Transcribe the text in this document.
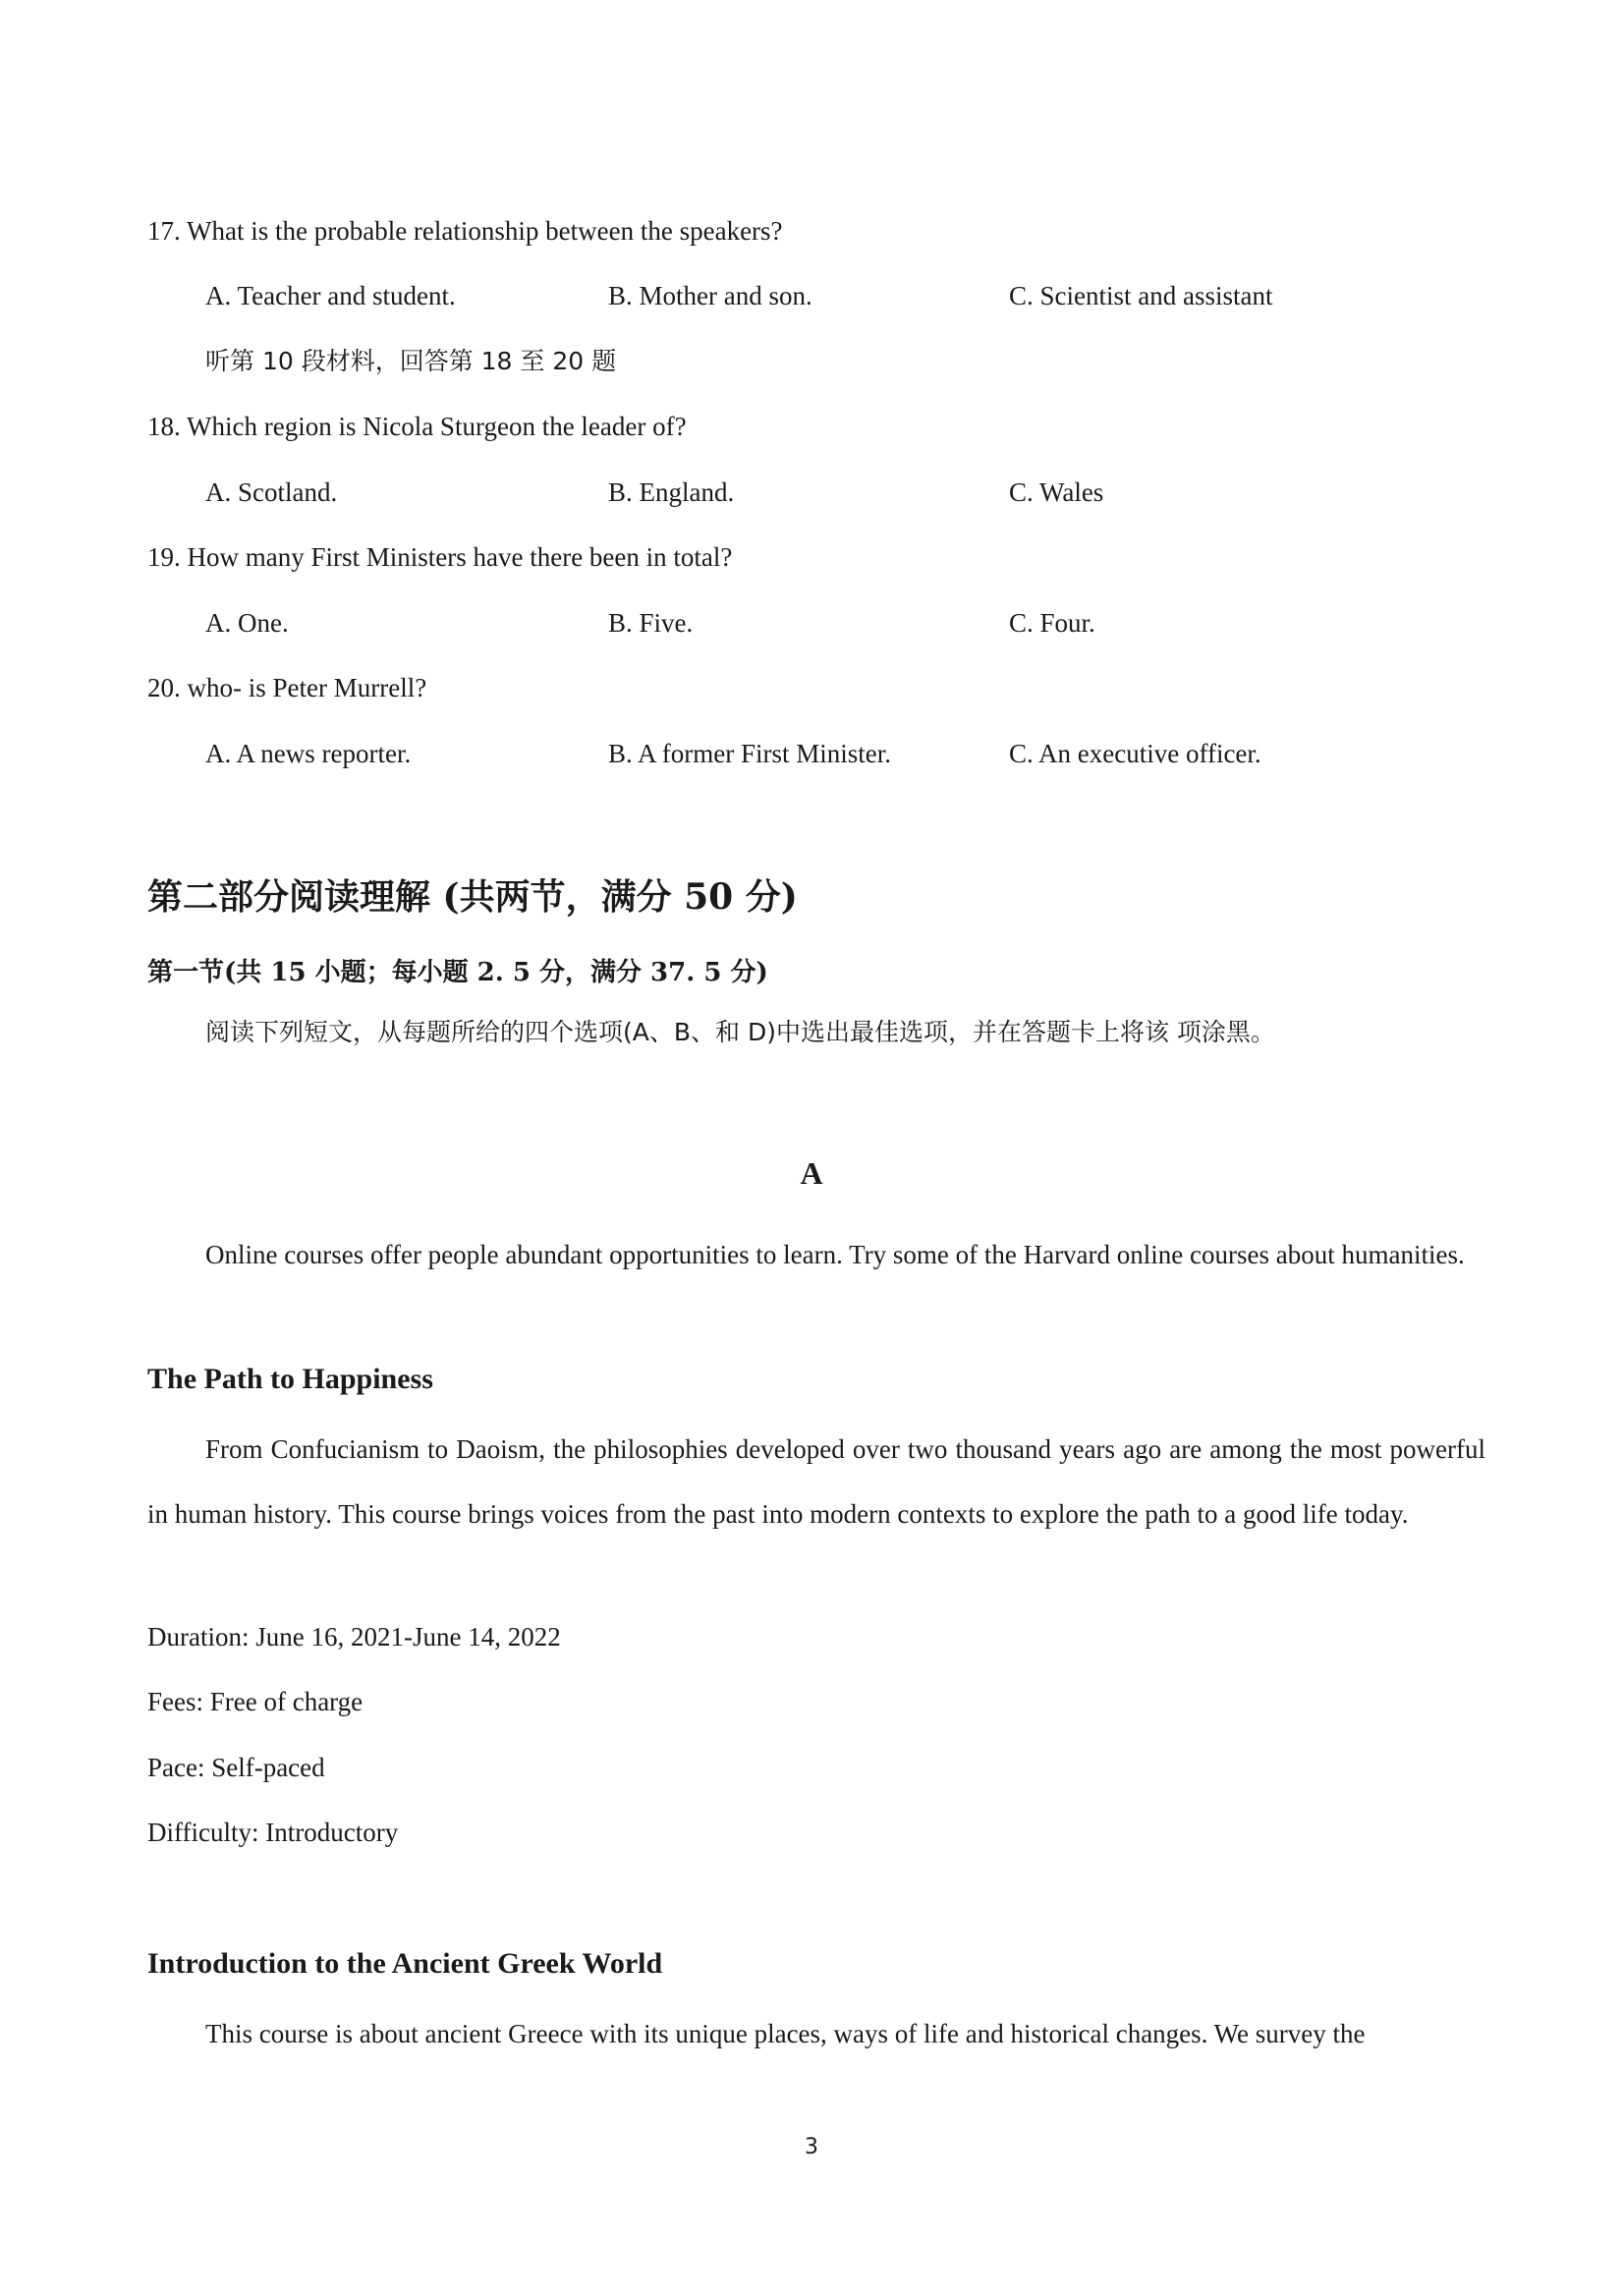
17. What is the probable relationship between the speakers?
A. Teacher and student.	B. Mother and son.	C. Scientist and assistant
听第 10 段材料，回答第 18 至 20 题
18. Which region is Nicola Sturgeon the leader of?
A. Scotland.	B. England.	C. Wales
19. How many First Ministers have there been in total?
A. One.	B. Five.	C. Four.
20. who- is Peter Murrell?
A. A news reporter.	B. A former First Minister.	C. An executive officer.
第二部分阅读理解 (共两节，满分 50 分)
第一节(共 15 小题；每小题 2. 5 分，满分 37. 5 分)
阅读下列短文，从每题所给的四个选项(A、B、和 D)中选出最佳选项，并在答题卡上将该 项涂黑。
A
Online courses offer people abundant opportunities to learn. Try some of the Harvard online courses about humanities.
The Path to Happiness
From Confucianism to Daoism, the philosophies developed over two thousand years ago are among the most powerful in human history. This course brings voices from the past into modern contexts to explore the path to a good life today.
Duration: June 16, 2021-June 14, 2022
Fees: Free of charge
Pace: Self-paced
Difficulty: Introductory
Introduction to the Ancient Greek World
This course is about ancient Greece with its unique places, ways of life and historical changes. We survey the
3
